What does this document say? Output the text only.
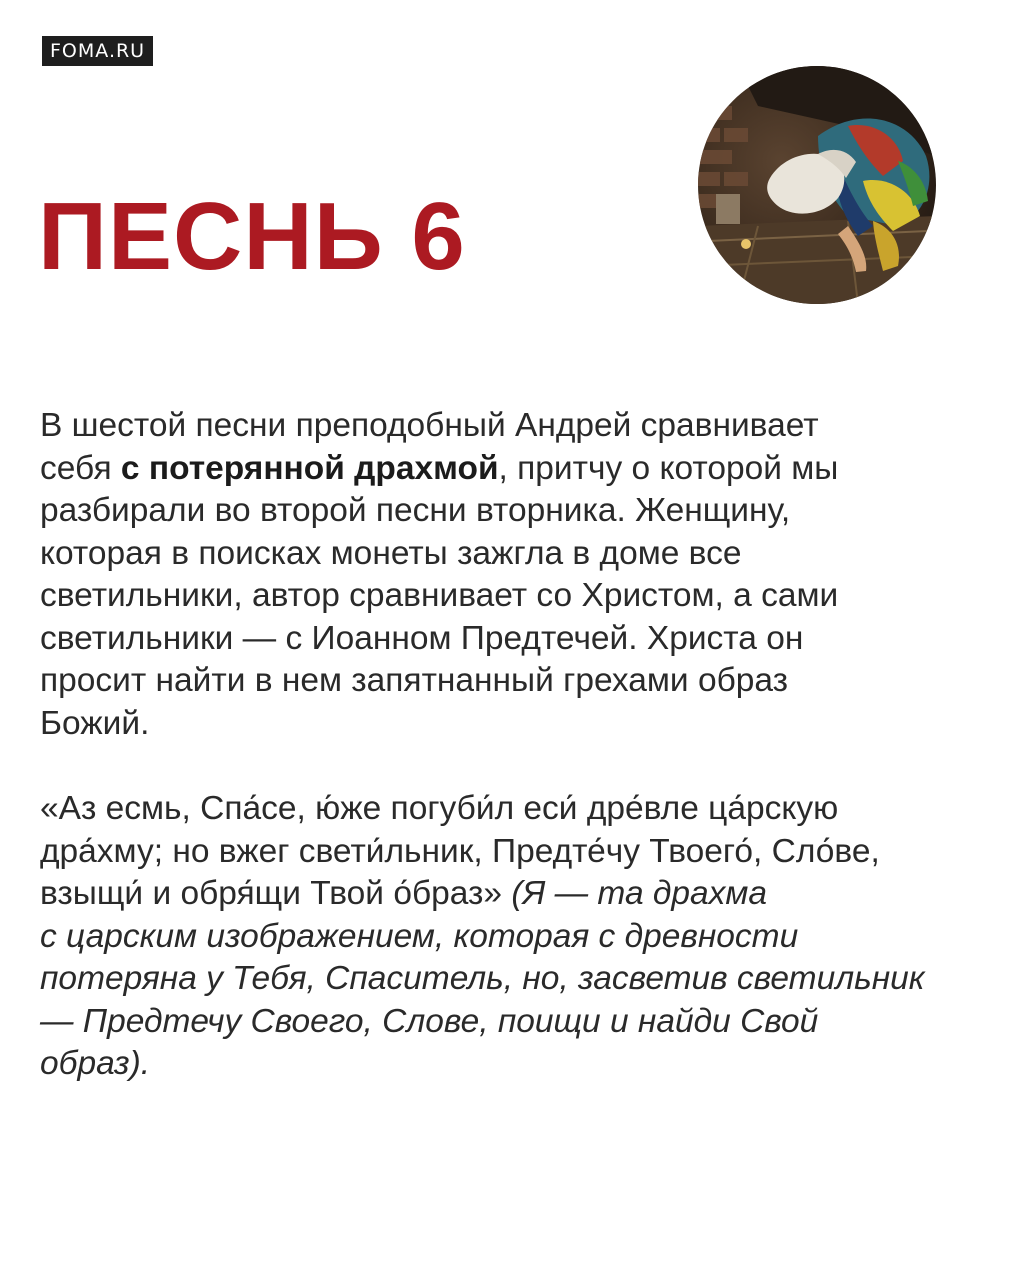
FOMA.RU
ПЕСНЬ 6

В шестой песни преподобный Андрей сравнивает
себя с потерянной драхмой, притчу о которой мы
разбирали во второй песни вторника. Женщину,
которая в поисках монеты зажгла в доме все
светильники, автор сравнивает со Христом, а сами
светильники — с Иоанном Предтечей. Христа он
просит найти в нем запятнанный грехами образ
Божий.

«Аз есмь, Спа́се, ю́же погуби́л еси́ дре́вле ца́рскую
дра́хму; но вжег свети́льник, Предте́чу Твоего́, Сло́ве,
взыщи́ и обря́щи Твой о́браз» (Я — та драхма
с царским изображением, которая с древности
потеряна у Тебя, Спаситель, но, засветив светильник
— Предтечу Своего, Слове, поищи и найди Свой
образ).
